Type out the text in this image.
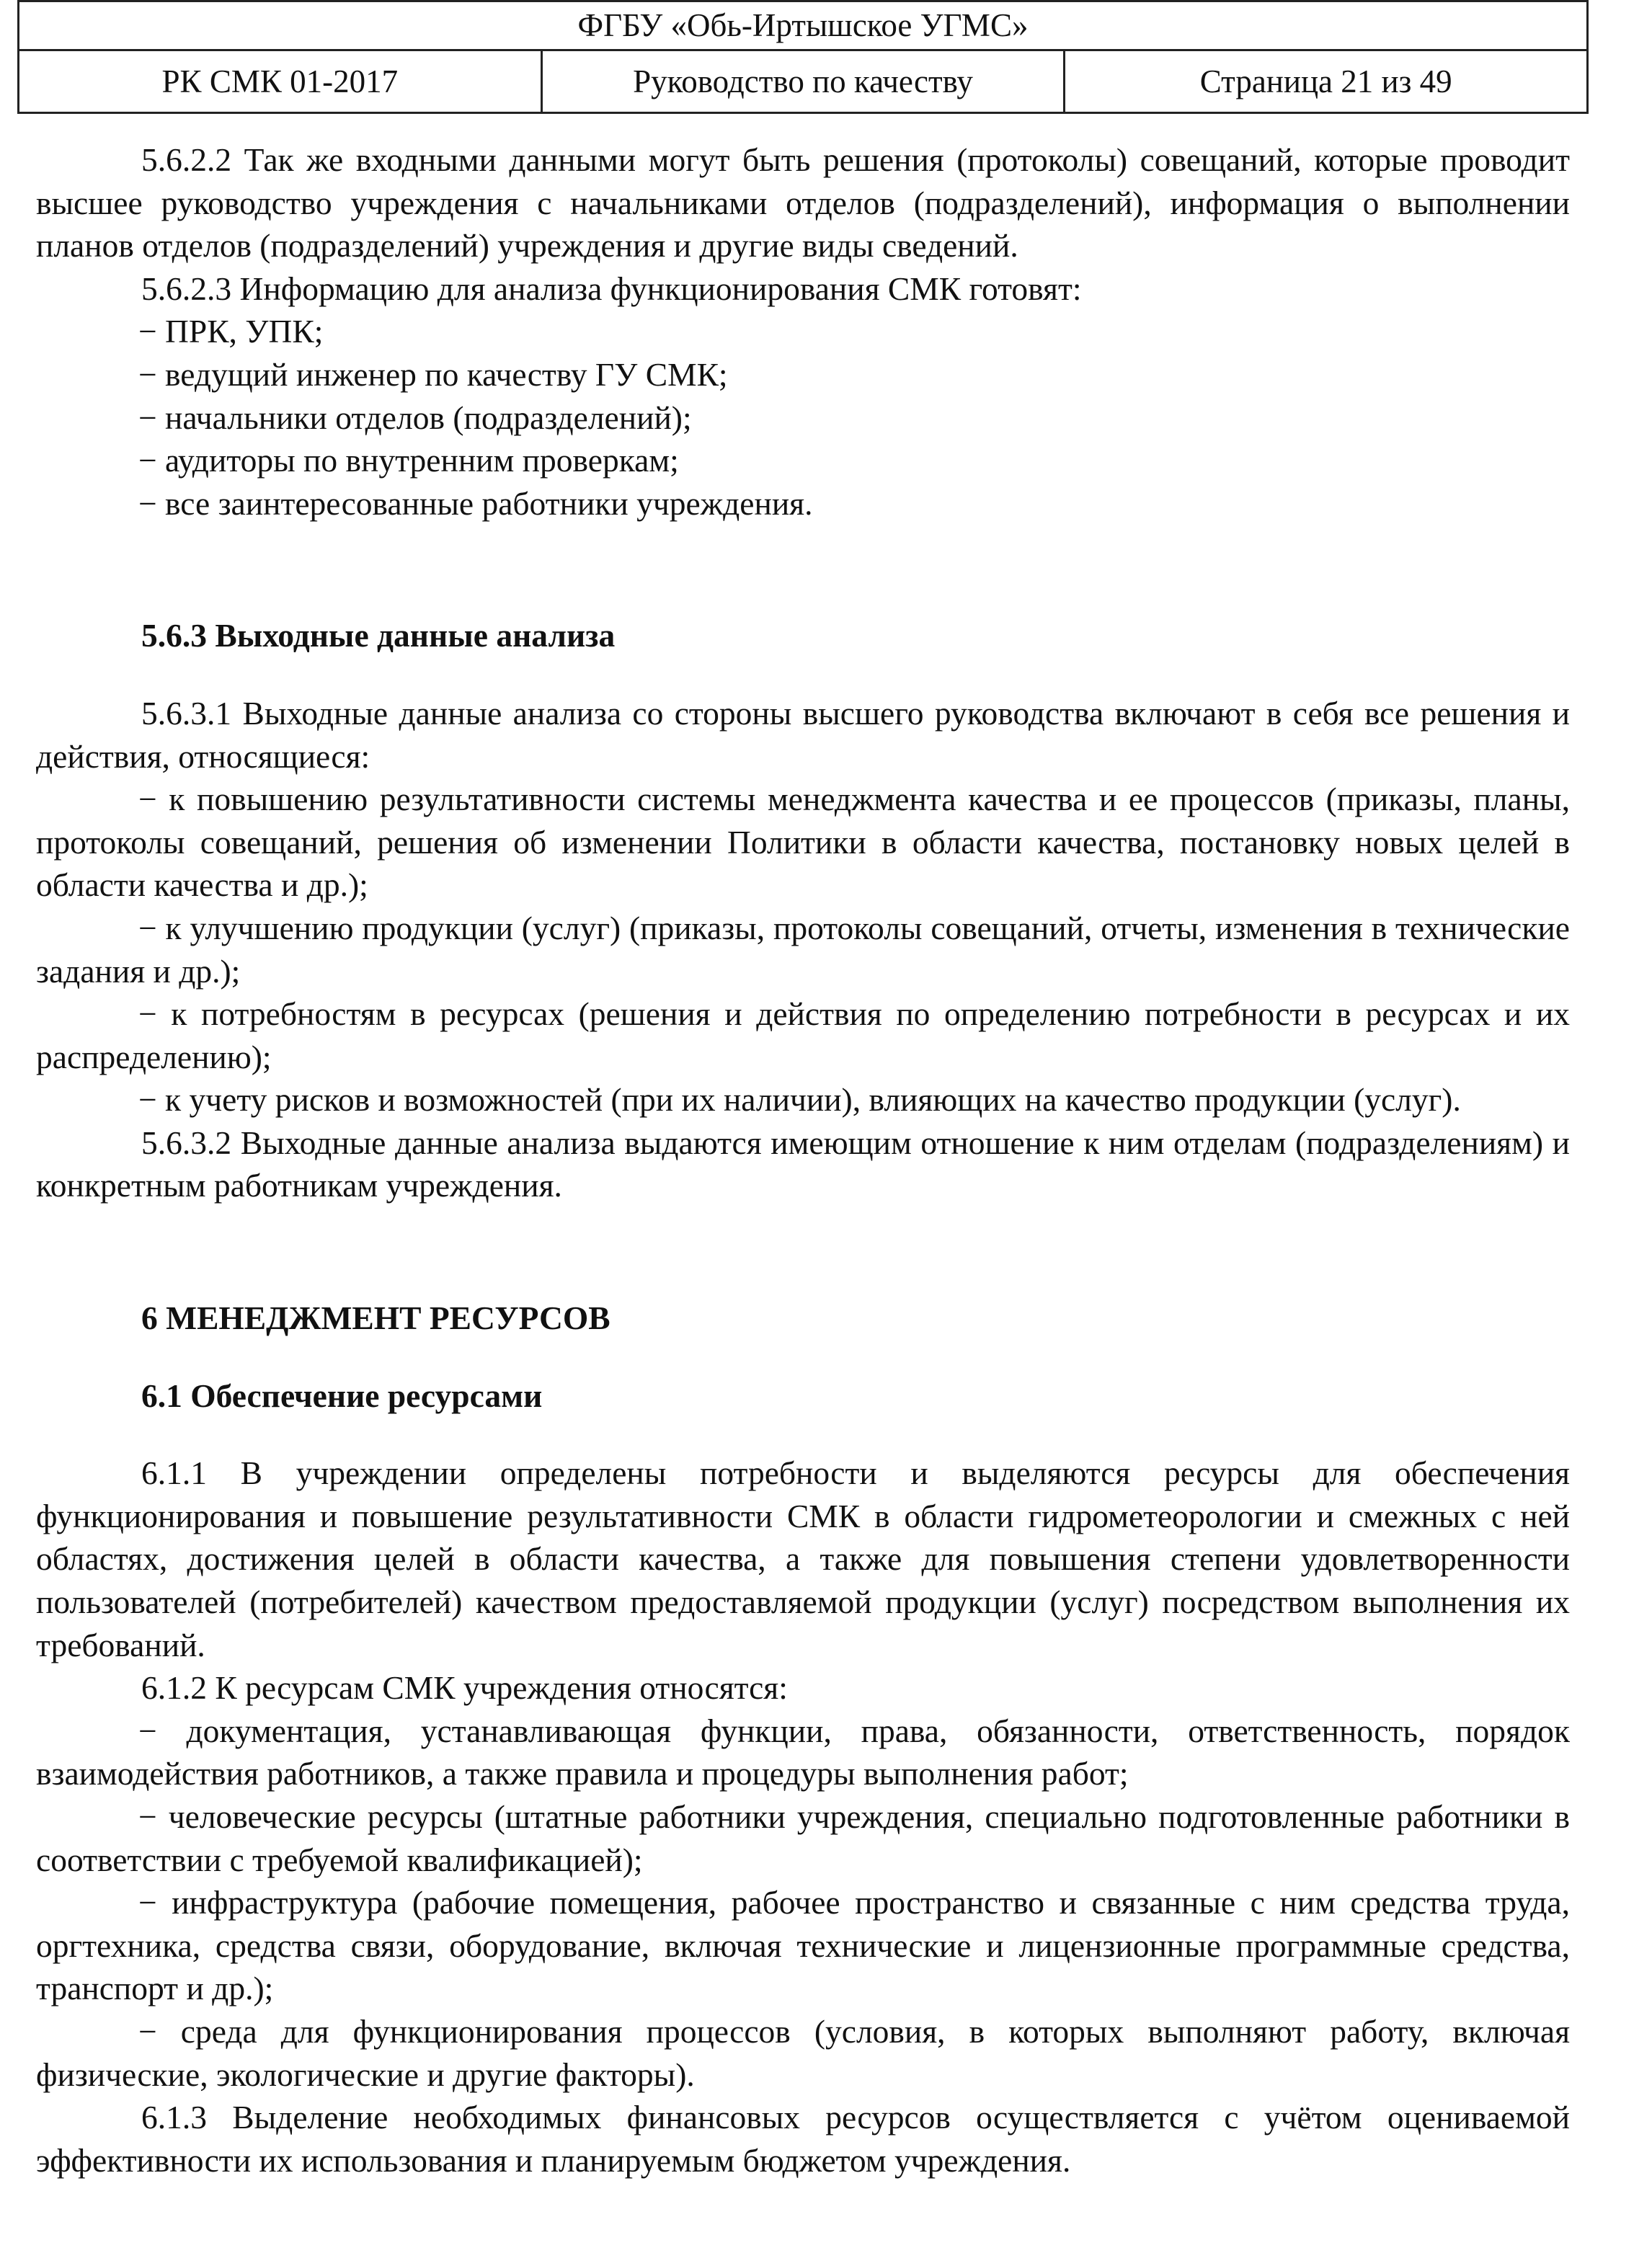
ФГБУ «Обь-Иртышское УГМС»
РК СМК 01-2017	Руководство по качеству	Страница 21 из 49

5.6.2.2 Так же входными данными могут быть решения (протоколы) совещаний, которые проводит высшее руководство учреждения с начальниками отделов (подразделений), информация о выполнении планов отделов (подразделений) учреждения и другие виды сведений.

5.6.2.3 Информацию для анализа функционирования СМК готовят:

− ПРК, УПК;

− ведущий инженер по качеству ГУ СМК;

− начальники отделов (подразделений);

− аудиторы по внутренним проверкам;

− все заинтересованные работники учреждения.

5.6.3 Выходные данные анализа

5.6.3.1 Выходные данные анализа со стороны высшего руководства включают в себя все решения и действия, относящиеся:

− к повышению результативности системы менеджмента качества и ее процессов (приказы, планы, протоколы совещаний, решения об изменении Политики в области качества, постановку новых целей в области качества и др.);

− к улучшению продукции (услуг) (приказы, протоколы совещаний, отчеты, изменения в технические задания и др.);

− к потребностям в ресурсах (решения и действия по определению потребности в ресурсах и их распределению);

− к учету рисков и возможностей (при их наличии), влияющих на качество продукции (услуг).

5.6.3.2 Выходные данные анализа выдаются имеющим отношение к ним отделам (подразделениям) и конкретным работникам учреждения.

6 МЕНЕДЖМЕНТ РЕСУРСОВ

6.1 Обеспечение ресурсами

6.1.1 В учреждении определены потребности и выделяются ресурсы для обеспечения функционирования и повышение результативности СМК в области гидрометеорологии и смежных с ней областях, достижения целей в области качества, а также для повышения степени удовлетворенности пользователей (потребителей) качеством предоставляемой продукции (услуг) посредством выполнения их требований.

6.1.2 К ресурсам СМК учреждения относятся:

− документация, устанавливающая функции, права, обязанности, ответственность, порядок взаимодействия работников, а также правила и процедуры выполнения работ;

− человеческие ресурсы (штатные работники учреждения, специально подготовленные работники в соответствии с требуемой квалификацией);

− инфраструктура (рабочие помещения, рабочее пространство и связанные с ним средства труда, оргтехника, средства связи, оборудование, включая технические и лицензионные программные средства, транспорт и др.);

− среда для функционирования процессов (условия, в которых выполняют работу, включая физические, экологические и другие факторы).

6.1.3 Выделение необходимых финансовых ресурсов осуществляется с учётом оцениваемой эффективности их использования и планируемым бюджетом учреждения.
